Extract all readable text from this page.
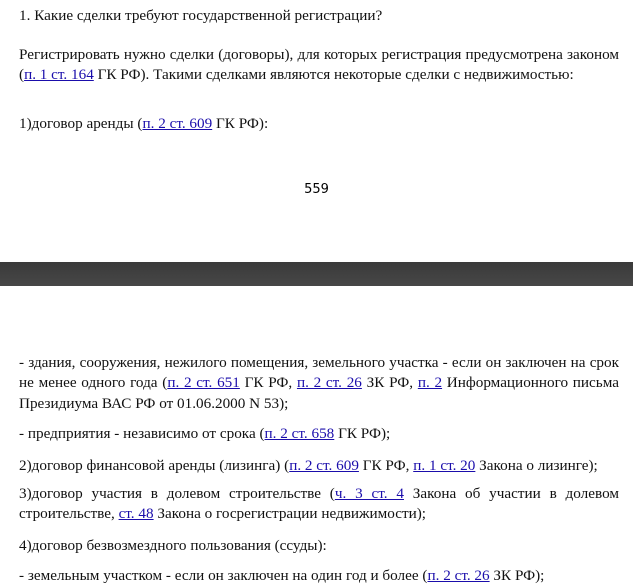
1. Какие сделки требуют государственной регистрации?

Регистрировать нужно сделки (договоры), для которых регистрация предусмотрена законом (п. 1 ст. 164 ГК РФ). Такими сделками являются некоторые сделки с недвижимостью:

1)договор аренды (п. 2 ст. 609 ГК РФ):

559

- здания, сооружения, нежилого помещения, земельного участка - если он заключен на срок не менее одного года (п. 2 ст. 651 ГК РФ, п. 2 ст. 26 ЗК РФ, п. 2 Информационного письма Президиума ВАС РФ от 01.06.2000 N 53);

- предприятия - независимо от срока (п. 2 ст. 658 ГК РФ);

2)договор финансовой аренды (лизинга) (п. 2 ст. 609 ГК РФ, п. 1 ст. 20 Закона о лизинге);

3)договор участия в долевом строительстве (ч. 3 ст. 4 Закона об участии в долевом строительстве, ст. 48 Закона о госрегистрации недвижимости);

4)договор безвозмездного пользования (ссуды):

- земельным участком - если он заключен на один год и более (п. 2 ст. 26 ЗК РФ);
